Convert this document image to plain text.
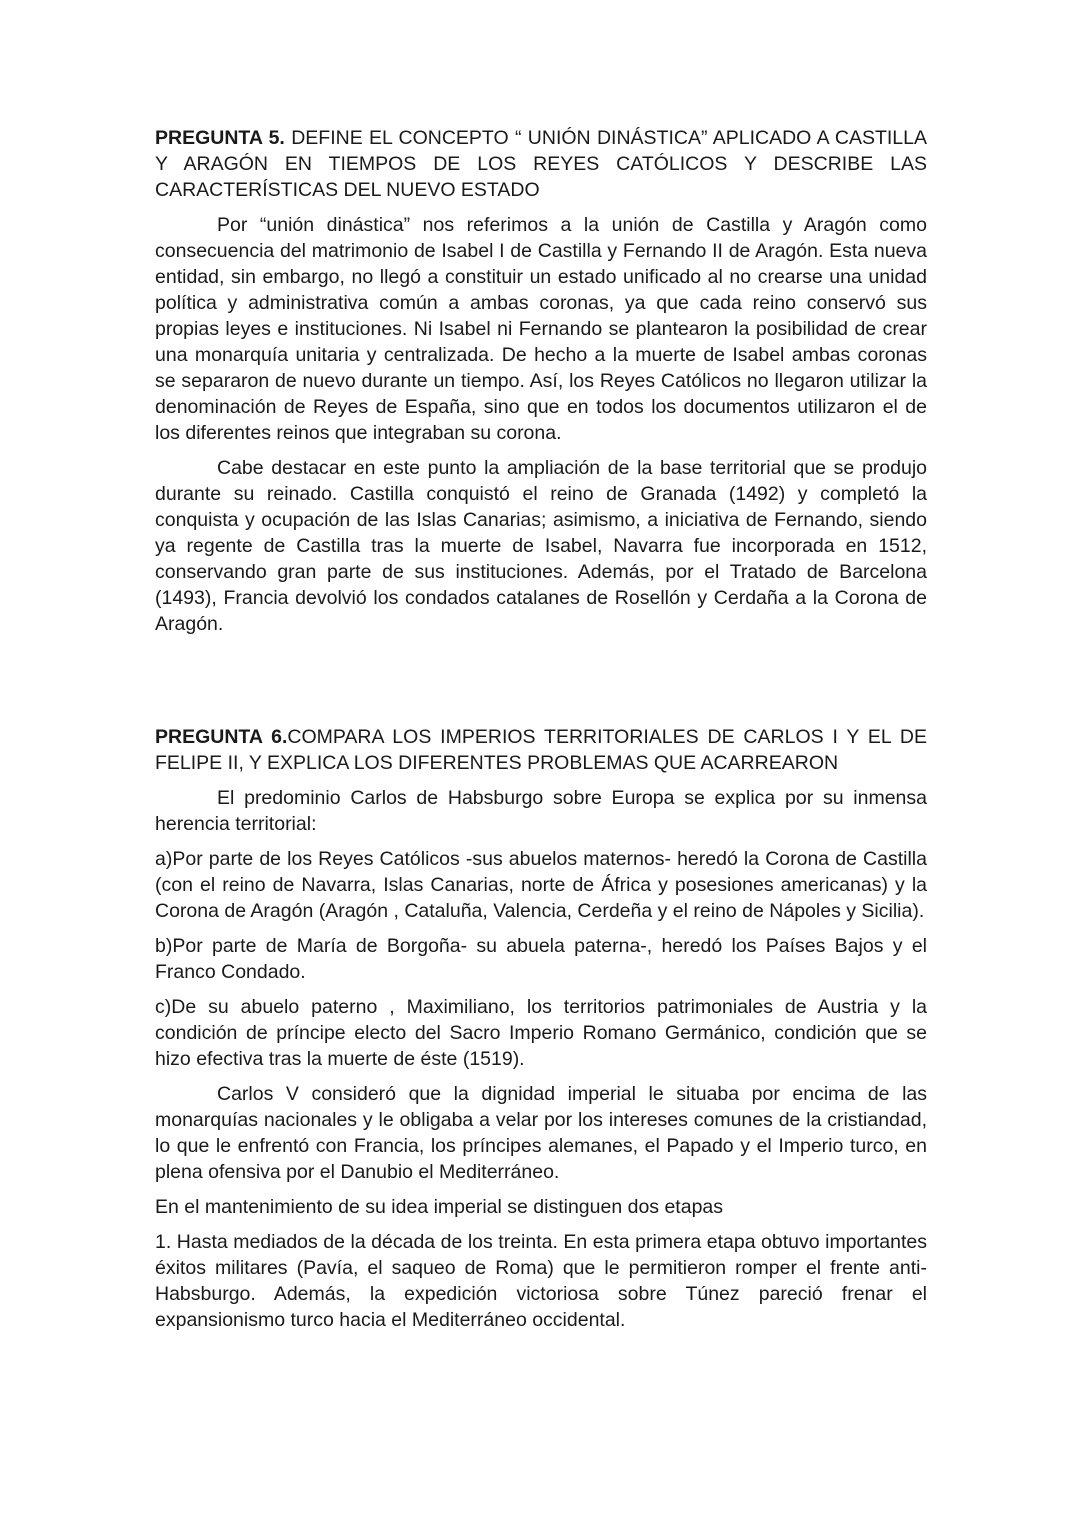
PREGUNTA 5. DEFINE EL CONCEPTO “ UNIÓN DINÁSTICA” APLICADO A CASTILLA Y ARAGÓN EN TIEMPOS DE LOS REYES CATÓLICOS Y DESCRIBE LAS CARACTERÍSTICAS DEL NUEVO ESTADO

Por “unión dinástica” nos referimos a la unión de Castilla y Aragón como consecuencia del matrimonio de Isabel I de Castilla y Fernando II de Aragón. Esta nueva entidad, sin embargo, no llegó a constituir un estado unificado al no crearse una unidad política y administrativa común a ambas coronas, ya que cada reino conservó sus propias leyes e instituciones. Ni Isabel ni Fernando se plantearon la posibilidad de crear una monarquía unitaria y centralizada. De hecho a la muerte de Isabel ambas coronas se separaron de nuevo durante un tiempo. Así, los Reyes Católicos no llegaron utilizar la denominación de Reyes de España, sino que en todos los documentos utilizaron el de los diferentes reinos que integraban su corona.

Cabe destacar en este punto la ampliación de la base territorial que se produjo durante su reinado. Castilla conquistó el reino de Granada (1492) y completó la conquista y ocupación de las Islas Canarias; asimismo, a iniciativa de Fernando, siendo ya regente de Castilla tras la muerte de Isabel, Navarra fue incorporada en 1512, conservando gran parte de sus instituciones. Además, por el Tratado de Barcelona (1493), Francia devolvió los condados catalanes de Rosellón y Cerdaña a la Corona de Aragón.

PREGUNTA 6.COMPARA LOS IMPERIOS TERRITORIALES DE CARLOS I Y EL DE FELIPE II, Y EXPLICA LOS DIFERENTES PROBLEMAS QUE ACARREARON

El predominio Carlos de Habsburgo sobre Europa se explica por su inmensa herencia territorial:

a)Por parte de los Reyes Católicos -sus abuelos maternos- heredó la Corona de Castilla (con el reino de Navarra, Islas Canarias, norte de África y posesiones americanas) y la Corona de Aragón (Aragón , Cataluña, Valencia, Cerdeña y el reino de Nápoles y Sicilia).

b)Por parte de María de Borgoña- su abuela paterna-, heredó los Países Bajos y el Franco Condado.

c)De su abuelo paterno , Maximiliano, los territorios patrimoniales de Austria y la condición de príncipe electo del Sacro Imperio Romano Germánico, condición que se hizo efectiva tras la muerte de éste (1519).

Carlos V consideró que la dignidad imperial le situaba por encima de las monarquías nacionales y le obligaba a velar por los intereses comunes de la cristiandad, lo que le enfrentó con Francia, los príncipes alemanes, el Papado y el Imperio turco, en plena ofensiva por el Danubio el Mediterráneo.

En el mantenimiento de su idea imperial se distinguen dos etapas

1. Hasta mediados de la década de los treinta. En esta primera etapa obtuvo importantes éxitos militares (Pavía, el saqueo de Roma) que le permitieron romper el frente anti-Habsburgo. Además, la expedición victoriosa sobre Túnez pareció frenar el expansionismo turco hacia el Mediterráneo occidental.
